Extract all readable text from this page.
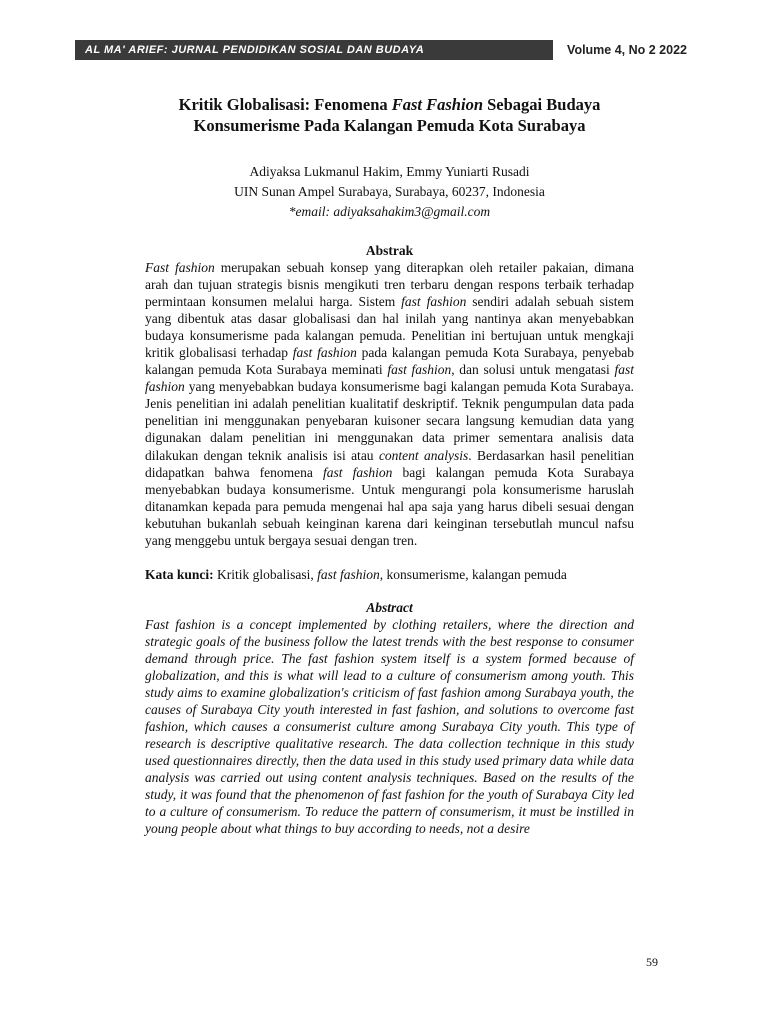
AL MA' ARIEF: JURNAL PENDIDIKAN SOSIAL DAN BUDAYA	Volume 4, No 2 2022

Kritik Globalisasi: Fenomena Fast Fashion Sebagai Budaya
Konsumerisme Pada Kalangan Pemuda Kota Surabaya

Adiyaksa Lukmanul Hakim, Emmy Yuniarti Rusadi

UIN Sunan Ampel Surabaya, Surabaya, 60237, Indonesia

*email: adiyaksahakim3@gmail.com

Abstrak

Fast fashion merupakan sebuah konsep yang diterapkan oleh retailer pakaian, dimana arah dan tujuan strategis bisnis mengikuti tren terbaru dengan respons terbaik terhadap permintaan konsumen melalui harga. Sistem fast fashion sendiri adalah sebuah sistem yang dibentuk atas dasar globalisasi dan hal inilah yang nantinya akan menyebabkan budaya konsumerisme pada kalangan pemuda. Penelitian ini bertujuan untuk mengkaji kritik globalisasi terhadap fast fashion pada kalangan pemuda Kota Surabaya, penyebab kalangan pemuda Kota Surabaya meminati fast fashion, dan solusi untuk mengatasi fast fashion yang menyebabkan budaya konsumerisme bagi kalangan pemuda Kota Surabaya. Jenis penelitian ini adalah penelitian kualitatif deskriptif. Teknik pengumpulan data pada penelitian ini menggunakan penyebaran kuisoner secara langsung kemudian data yang digunakan dalam penelitian ini menggunakan data primer sementara analisis data dilakukan dengan teknik analisis isi atau content analysis. Berdasarkan hasil penelitian didapatkan bahwa fenomena fast fashion bagi kalangan pemuda Kota Surabaya menyebabkan budaya konsumerisme. Untuk mengurangi pola konsumerisme haruslah ditanamkan kepada para pemuda mengenai hal apa saja yang harus dibeli sesuai dengan kebutuhan bukanlah sebuah keinginan karena dari keinginan tersebutlah muncul nafsu yang menggebu untuk bergaya sesuai dengan tren.

Kata kunci: Kritik globalisasi, fast fashion, konsumerisme, kalangan pemuda

Abstract

Fast fashion is a concept implemented by clothing retailers, where the direction and strategic goals of the business follow the latest trends with the best response to consumer demand through price. The fast fashion system itself is a system formed because of globalization, and this is what will lead to a culture of consumerism among youth. This study aims to examine globalization's criticism of fast fashion among Surabaya youth, the causes of Surabaya City youth interested in fast fashion, and solutions to overcome fast fashion, which causes a consumerist culture among Surabaya City youth. This type of research is descriptive qualitative research. The data collection technique in this study used questionnaires directly, then the data used in this study used primary data while data analysis was carried out using content analysis techniques. Based on the results of the study, it was found that the phenomenon of fast fashion for the youth of Surabaya City led to a culture of consumerism. To reduce the pattern of consumerism, it must be instilled in young people about what things to buy according to needs, not a desire

59
